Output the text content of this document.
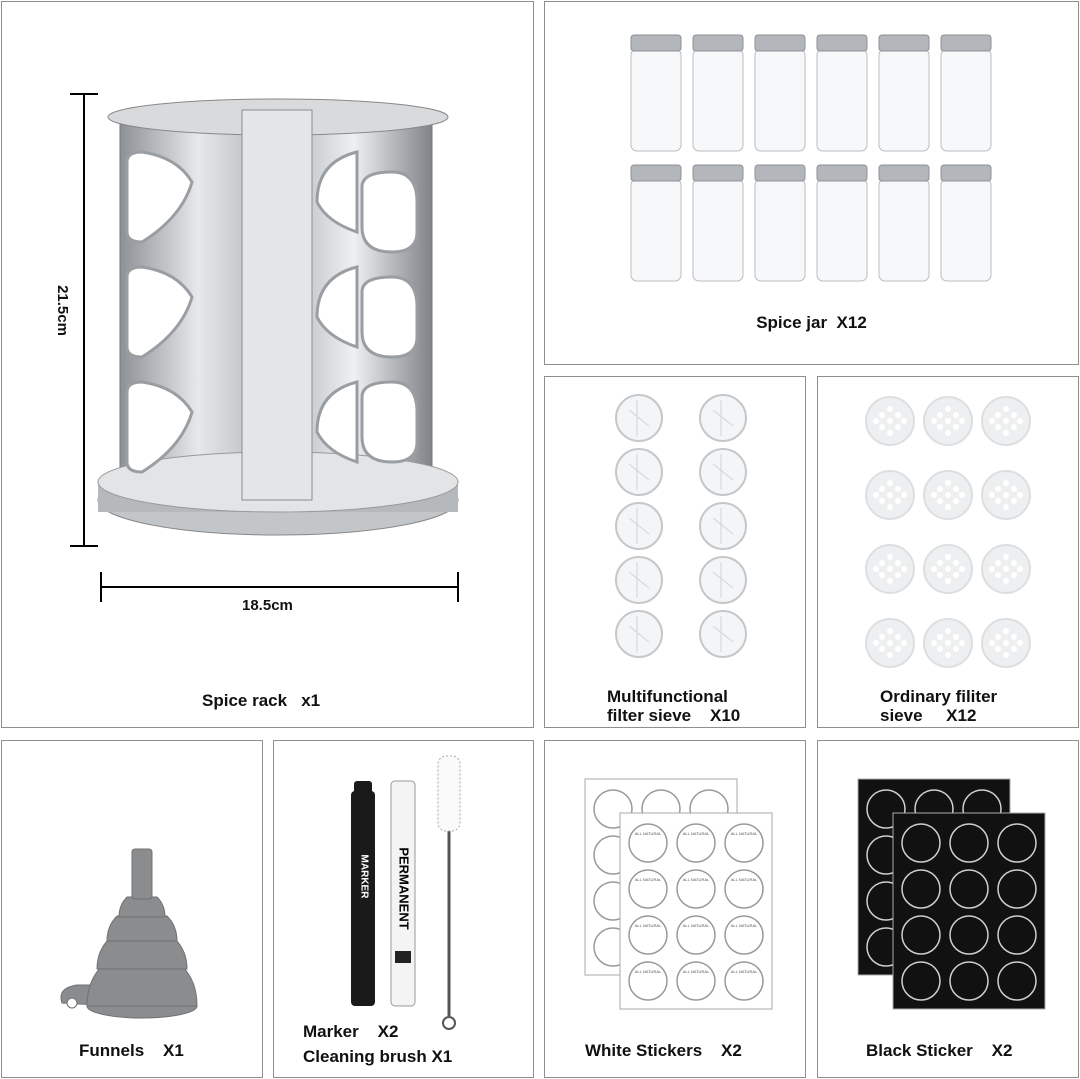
21.5cm
18.5cm
Spice rack   x1
Spice jar  X12
Multifunctional
filter sieve    X10
Ordinary filiter
sieve     X12
Funnels    X1
MARKER PERMANENT
Marker    X2
Cleaning brush X1
ALL NATURAL	ALL NATURAL	ALL NATURAL
ALL NATURAL	ALL NATURAL	ALL NATURAL
ALL NATURAL	ALL NATURAL	ALL NATURAL
ALL NATURAL	ALL NATURAL	ALL NATURAL
White Stickers    X2	Black Sticker    X2
